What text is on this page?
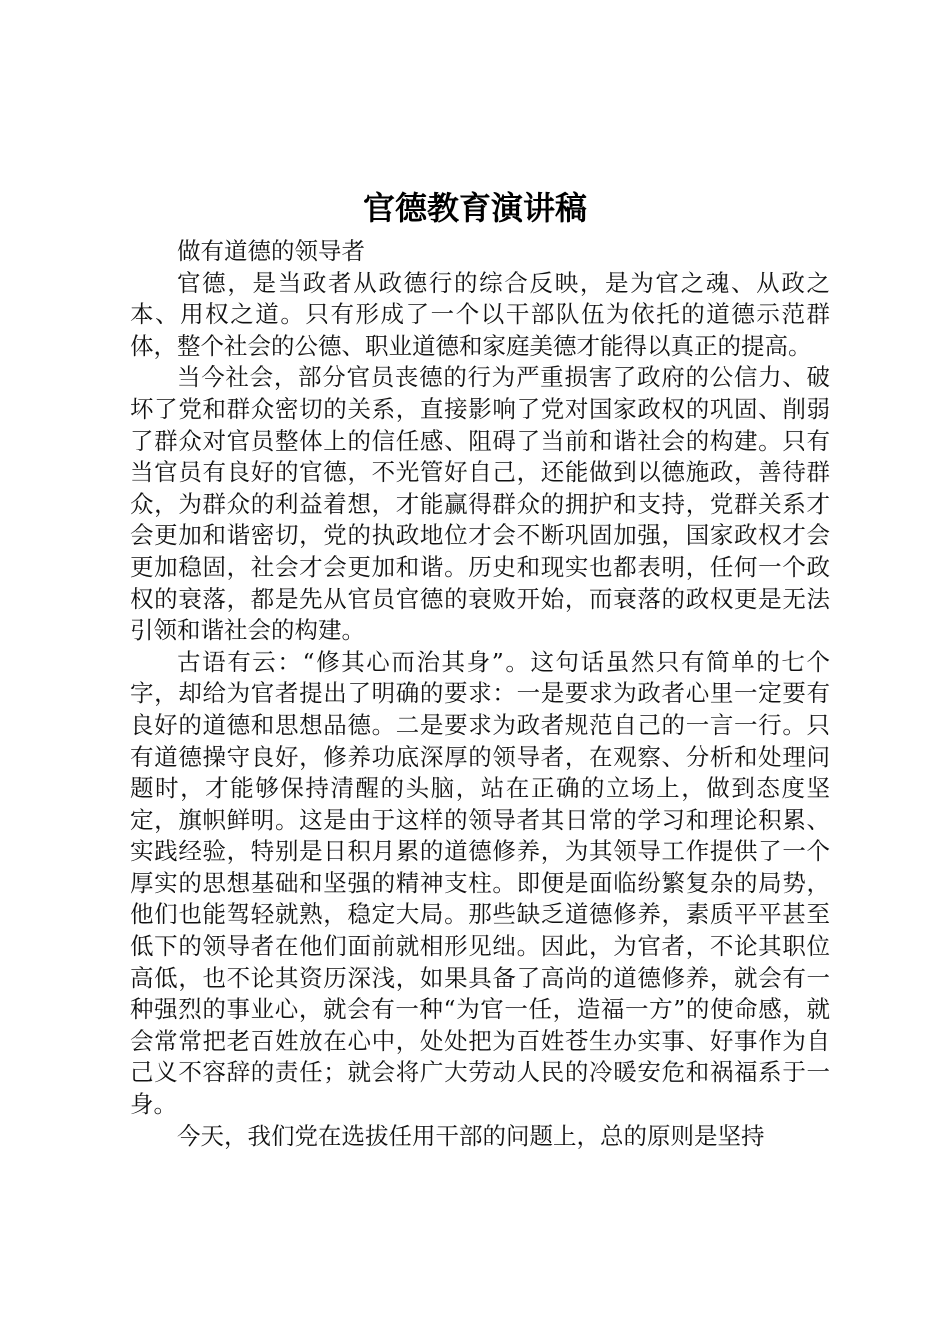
官德教育演讲稿

做有道德的领导者

官德，是当政者从政德行的综合反映，是为官之魂、从政之本、用权之道。只有形成了一个以干部队伍为依托的道德示范群体，整个社会的公德、职业道德和家庭美德才能得以真正的提高。

当今社会，部分官员丧德的行为严重损害了政府的公信力、破坏了党和群众密切的关系，直接影响了党对国家政权的巩固、削弱了群众对官员整体上的信任感、阻碍了当前和谐社会的构建。只有当官员有良好的官德，不光管好自己，还能做到以德施政，善待群众，为群众的利益着想，才能赢得群众的拥护和支持，党群关系才会更加和谐密切，党的执政地位才会不断巩固加强，国家政权才会更加稳固，社会才会更加和谐。历史和现实也都表明，任何一个政权的衰落，都是先从官员官德的衰败开始，而衰落的政权更是无法引领和谐社会的构建。

古语有云：“修其心而治其身”。这句话虽然只有简单的七个字，却给为官者提出了明确的要求：一是要求为政者心里一定要有良好的道德和思想品德。二是要求为政者规范自己的一言一行。只有道德操守良好，修养功底深厚的领导者，在观察、分析和处理问题时，才能够保持清醒的头脑，站在正确的立场上，做到态度坚定，旗帜鲜明。这是由于这样的领导者其日常的学习和理论积累、实践经验，特别是日积月累的道德修养，为其领导工作提供了一个厚实的思想基础和坚强的精神支柱。即便是面临纷繁复杂的局势，他们也能驾轻就熟，稳定大局。那些缺乏道德修养，素质平平甚至低下的领导者在他们面前就相形见绌。因此，为官者，不论其职位高低，也不论其资历深浅，如果具备了高尚的道德修养，就会有一种强烈的事业心，就会有一种“为官一任，造福一方”的使命感，就会常常把老百姓放在心中，处处把为百姓苍生办实事、好事作为自己义不容辞的责任；就会将广大劳动人民的冷暖安危和祸福系于一身。

今天，我们党在选拔任用干部的问题上，总的原则是坚持
